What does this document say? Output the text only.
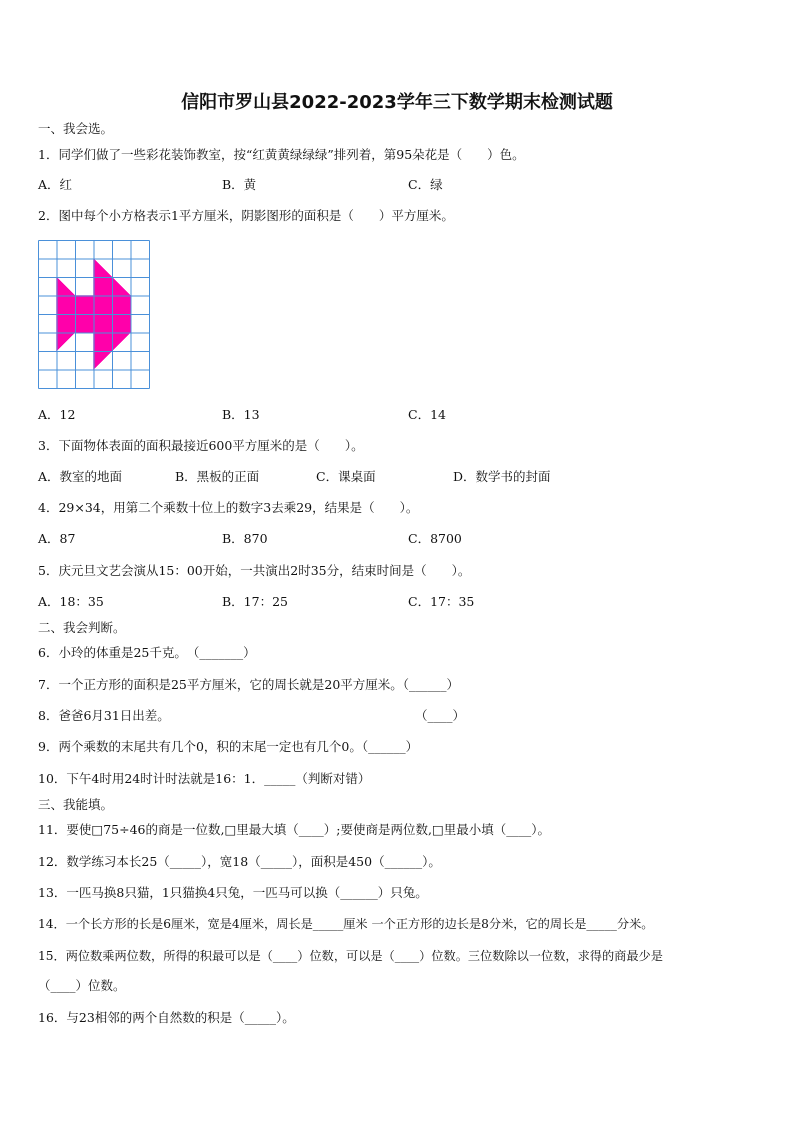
信阳市罗山县2022-2023学年三下数学期末检测试题
一、我会选。
1．同学们做了一些彩花装饰教室，按“红黄黄绿绿绿”排列着，第95朵花是（　　）色。
A．红	B．黄	C．绿
2．图中每个小方格表示1平方厘米，阴影图形的面积是（　　）平方厘米。
A．12	B．13	C．14
3．下面物体表面的面积最接近600平方厘米的是（　　）。
A．教室的地面	B．黑板的正面	C．课桌面	D．数学书的封面
4．29×34，用第二个乘数十位上的数字3去乘29，结果是（　　）。
A．87	B．870	C．8700
5．庆元旦文艺会演从15：00开始，一共演出2时35分，结束时间是（　　）。
A．18：35	B．17：25	C．17：35
二、我会判断。
6．小玲的体重是25千克。　（_______）
7．一个正方形的面积是25平方厘米，它的周长就是20平方厘米。（______）
8．爸爸6月31日出差。	（____）
9．两个乘数的末尾共有几个0，积的末尾一定也有几个0。（______）
10．下午4时用24时计时法就是16：1．_____（判断对错）
三、我能填。
11．要使□75÷46的商是一位数,□里最大填（____）;要使商是两位数,□里最小填（____）。
12．数学练习本长25（_____），宽18（_____），面积是450（______）。
13．一匹马换8只猫，1只猫换4只兔，一匹马可以换（______）只兔。
14．一个长方形的长是6厘米，宽是4厘米，周长是_____厘米 一个正方形的边长是8分米，它的周长是_____分米。
15．两位数乘两位数，所得的积最可以是（____）位数，可以是（____）位数。三位数除以一位数，求得的商最少是
（____）位数。
16．与23相邻的两个自然数的积是（_____）。
